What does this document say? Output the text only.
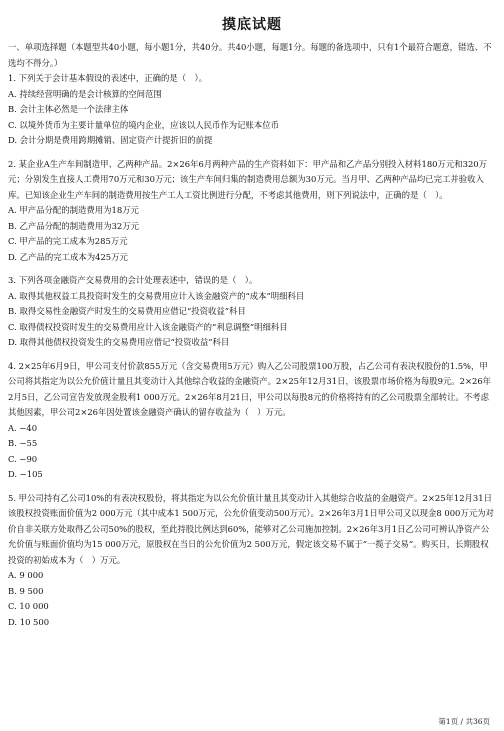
摸底试题

一、单项选择题（本题型共40小题，每小题1分，共40分。共40小题，每题1分。每题的备选项中，只有1个最符合题意，错选、不选均不得分。）

1. 下列关于会计基本假设的表述中，正确的是（　）。

A. 持续经营明确的是会计核算的空间范围

B. 会计主体必然是一个法律主体

C. 以境外货币为主要计量单位的境内企业，应该以人民币作为记账本位币

D. 会计分期是费用跨期摊销、固定资产计提折旧的前提

2. 某企业A生产车间制造甲、乙两种产品。2×26年6月两种产品的生产资料如下：甲产品和乙产品分别投入材料180万元和320万元；分别发生直接人工费用70万元和30万元；该生产车间归集的制造费用总额为30万元。当月甲、乙两种产品均已完工并验收入库。已知该企业生产车间的制造费用按生产工人工资比例进行分配，不考虑其他费用，则下列说法中，正确的是（　）。

A. 甲产品分配的制造费用为18万元

B. 乙产品分配的制造费用为32万元

C. 甲产品的完工成本为285万元

D. 乙产品的完工成本为425万元

3. 下列各项金融资产交易费用的会计处理表述中，错误的是（　）。

A. 取得其他权益工具投资时发生的交易费用应计入该金融资产的“成本”明细科目

B. 取得交易性金融资产时发生的交易费用应借记“投资收益”科目

C. 取得债权投资时发生的交易费用应计入该金融资产的“利息调整”明细科目

D. 取得其他债权投资发生的交易费用应借记“投资收益”科目

4. 2×25年6月9日，甲公司支付价款855万元（含交易费用5万元）购入乙公司股票100万股，占乙公司有表决权股份的1.5%，甲公司将其指定为以公允价值计量且其变动计入其他综合收益的金融资产。2×25年12月31日，该股票市场价格为每股9元。2×26年2月5日，乙公司宣告发放现金股利1 000万元。2×26年8月21日，甲公司以每股8元的价格将持有的乙公司股票全部转让。不考虑其他因素，甲公司2×26年因处置该金融资产确认的留存收益为（　）万元。

A. −40

B. −55

C. −90

D. −105

5. 甲公司持有乙公司10%的有表决权股份，将其指定为以公允价值计量且其变动计入其他综合收益的金融资产。2×25年12月31日该股权投资账面价值为2 000万元（其中成本1 500万元，公允价值变动500万元）。2×26年3月1日甲公司又以现金8 000万元为对价自非关联方处取得乙公司50%的股权，至此持股比例达到60%，能够对乙公司施加控制。2×26年3月1日乙公司可辨认净资产公允价值与账面价值均为15 000万元，原股权在当日的公允价值为2 500万元，假定该交易不属于“一揽子交易”。购买日，长期股权投资的初始成本为（　）万元。

A. 9 000

B. 9 500

C. 10 000

D. 10 500

第1页 / 共36页
